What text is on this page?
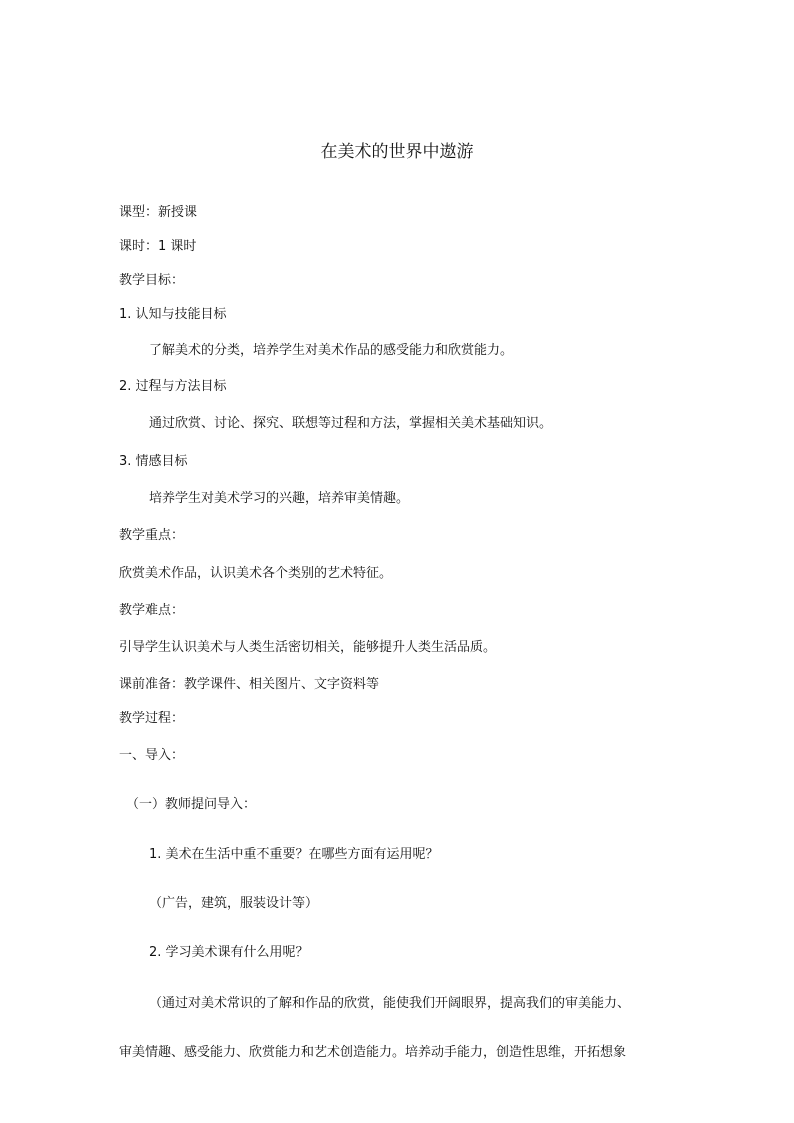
在美术的世界中遨游
课型：新授课
课时：1 课时
教学目标：
1. 认知与技能目标
了解美术的分类，培养学生对美术作品的感受能力和欣赏能力。
2. 过程与方法目标
通过欣赏、讨论、探究、联想等过程和方法，掌握相关美术基础知识。
3. 情感目标
培养学生对美术学习的兴趣，培养审美情趣。
教学重点：
欣赏美术作品，认识美术各个类别的艺术特征。
教学难点：
引导学生认识美术与人类生活密切相关，能够提升人类生活品质。
课前准备：教学课件、相关图片、文字资料等
教学过程：
一、导入：
（一）教师提问导入：
1. 美术在生活中重不重要？在哪些方面有运用呢？
（广告，建筑，服装设计等）
2. 学习美术课有什么用呢？
（通过对美术常识的了解和作品的欣赏，能使我们开阔眼界，提高我们的审美能力、
审美情趣、感受能力、欣赏能力和艺术创造能力。培养动手能力，创造性思维，开拓想象
